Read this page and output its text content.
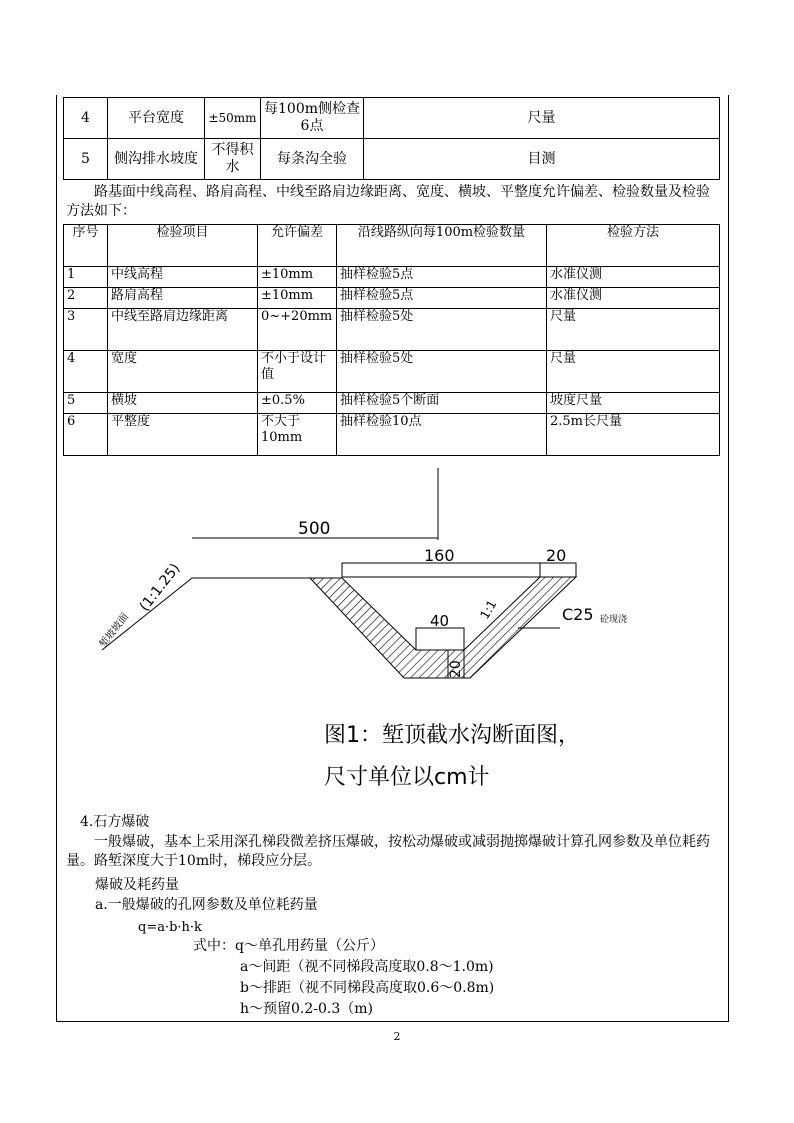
4	平台宽度	±50mm	每100m侧检查6点	尺量
5	侧沟排水坡度	不得积水	每条沟全验	目测
路基面中线高程、路肩高程、中线至路肩边缘距离、宽度、横坡、平整度允许偏差、检验数量及检验方法如下：
序号	检验项目	允许偏差	沿线路纵向每100m检验数量	检验方法
1	中线高程	±10mm	抽样检验5点	水准仪测
2	路肩高程	±10mm	抽样检验5点	水准仪测
3	中线至路肩边缘距离	0~+20mm	抽样检验5处	尺量
4	宽度	不小于设计值	抽样检验5处	尺量
5	横坡	±0.5%	抽样检验5个断面	坡度尺量
6	平整度	不大于10mm	抽样检验10点	2.5m长尺量
500
160	20
40
20
1:1
(1:1.25)
堑坡坡面	C25 砼现浇
图1：堑顶截水沟断面图，
尺寸单位以cm计
4.石方爆破
一般爆破，基本上采用深孔梯段微差挤压爆破，按松动爆破或减弱抛掷爆破计算孔网参数及单位耗药量。路堑深度大于10m时，梯段应分层。
爆破及耗药量
a.一般爆破的孔网参数及单位耗药量
q=a·b·h·k
式中：q～单孔用药量（公斤）
a～间距（视不同梯段高度取0.8～1.0m)
b～排距（视不同梯段高度取0.6～0.8m)
h～预留0.2-0.3（m)
2
